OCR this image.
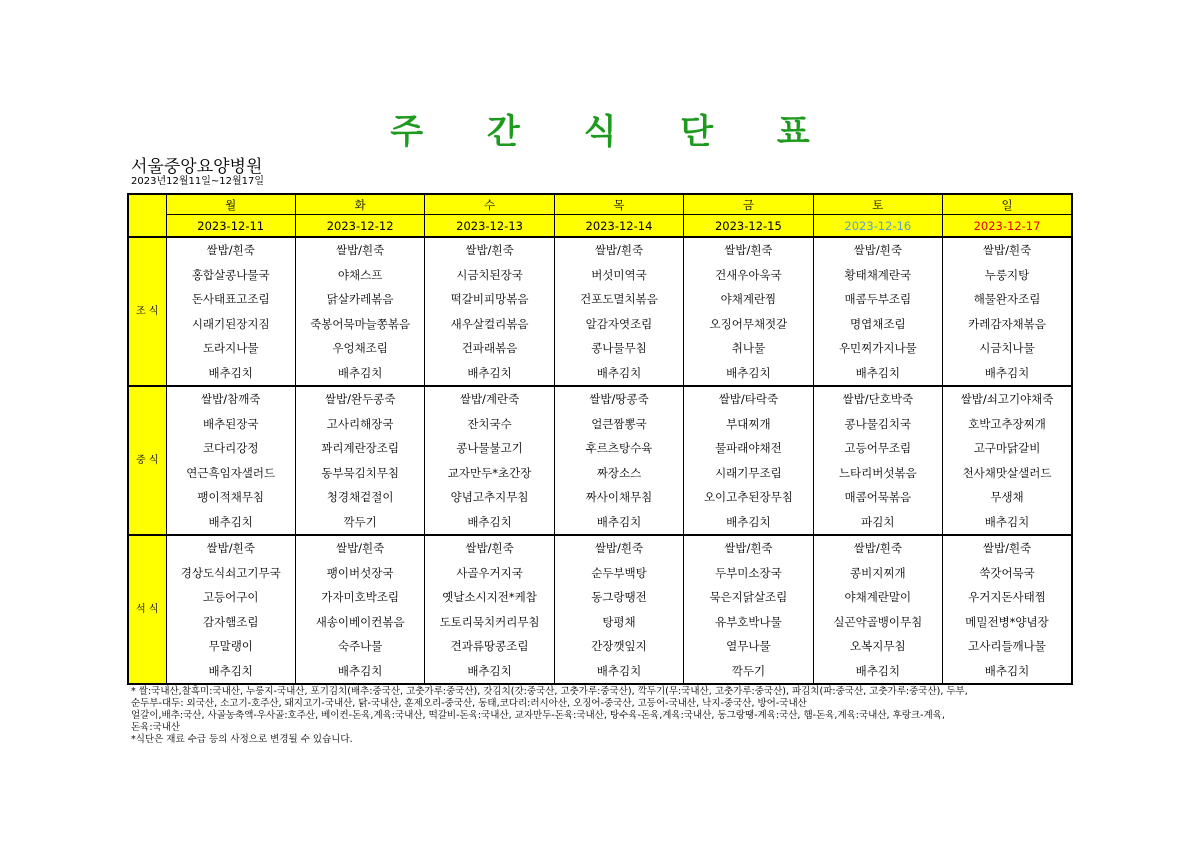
주 간 식 단 표
서울중앙요양병원
2023년12월11일~12월17일
	월	화	수	목	금	토	일
	2023-12-11	2023-12-12	2023-12-13	2023-12-14	2023-12-15	2023-12-16	2023-12-17
조 식	쌀밥/흰죽	쌀밥/흰죽	쌀밥/흰죽	쌀밥/흰죽	쌀밥/흰죽	쌀밥/흰죽	쌀밥/흰죽
	홍합살콩나물국	야채스프	시금치된장국	버섯미역국	건새우아욱국	황태채계란국	누룽지탕
	돈사태표고조림	닭살카레볶음	떡갈비피망볶음	건포도멸치볶음	야채계란찜	매콤두부조림	해물완자조림
	시래기된장지짐	죽봉어묵마늘쫑볶음	새우살컬리볶음	알감자엿조림	오징어무채젓갈	명엽채조림	카레감자채볶음
	도라지나물	우엉채조림	건파래볶음	콩나물무침	취나물	우민찌가지나물	시금치나물
	배추김치	배추김치	배추김치	배추김치	배추김치	배추김치	배추김치
중 식	쌀밥/참깨죽	쌀밥/완두콩죽	쌀밥/계란죽	쌀밥/땅콩죽	쌀밥/타락죽	쌀밥/단호박죽	쌀밥/쇠고기야채죽
	배추된장국	고사리해장국	잔치국수	얼큰짬뽕국	부대찌개	콩나물김치국	호박고추장찌개
	코다리강정	꽈리계란장조림	콩나물불고기	후르츠탕수육	물파래야채전	고등어무조림	고구마닭갈비
	연근흑임자샐러드	동부묵김치무침	교자만두*초간장	짜장소스	시래기무조림	느타리버섯볶음	천사채맛살샐러드
	팽이적채무침	청경채겉절이	양념고추지무침	짜사이채무침	오이고추된장무침	매콤어묵볶음	무생채
	배추김치	깍두기	배추김치	배추김치	배추김치	파김치	배추김치
석 식	쌀밥/흰죽	쌀밥/흰죽	쌀밥/흰죽	쌀밥/흰죽	쌀밥/흰죽	쌀밥/흰죽	쌀밥/흰죽
	경상도식쇠고기무국	팽이버섯장국	사골우거지국	순두부백탕	두부미소장국	콩비지찌개	쑥갓어묵국
	고등어구이	가자미호박조림	옛날소시지전*케찹	동그랑땡전	묵은지닭살조림	야채계란말이	우거지돈사태찜
	감자햄조림	새송이베이컨볶음	도토리묵치커리무침	탕평채	유부호박나물	실곤약골뱅이무침	메밀전병*양념장
	무말랭이	숙주나물	견과류땅콩조림	간장깻잎지	열무나물	오복지무침	고사리들깨나물
	배추김치	배추김치	배추김치	배추김치	깍두기	배추김치	배추김치

* 쌀:국내산,찰흑미:국내산, 누룽지-국내산, 포기김치(배추:중국산, 고춧가루:중국산), 갓김치(갓:중국산, 고춧가루:중국산), 깍두기(무:국내산, 고춧가루:중국산), 파김치(파:중국산, 고춧가루:중국산), 두부,

순두부-대두: 외국산, 소고기-호주산, 돼지고기-국내산, 닭-국내산, 훈제오리-중국산, 동태,코다리:러시아산, 오징어-중국산, 고등어-국내산, 낙지-중국산, 방어-국내산

얼갈이,배추:국산, 사골농축액-우사골:호주산, 베이컨-돈육,계육:국내산, 떡갈비-돈육:국내산, 교자만두-돈육:국내산, 탕수육-돈육,계육:국내산, 동그랑땡-계육:국산, 햄-돈육,계육:국내산, 후랑크-계육,

돈육:국내산

*식단은 재료 수급 등의 사정으로 변경될 수 있습니다.
